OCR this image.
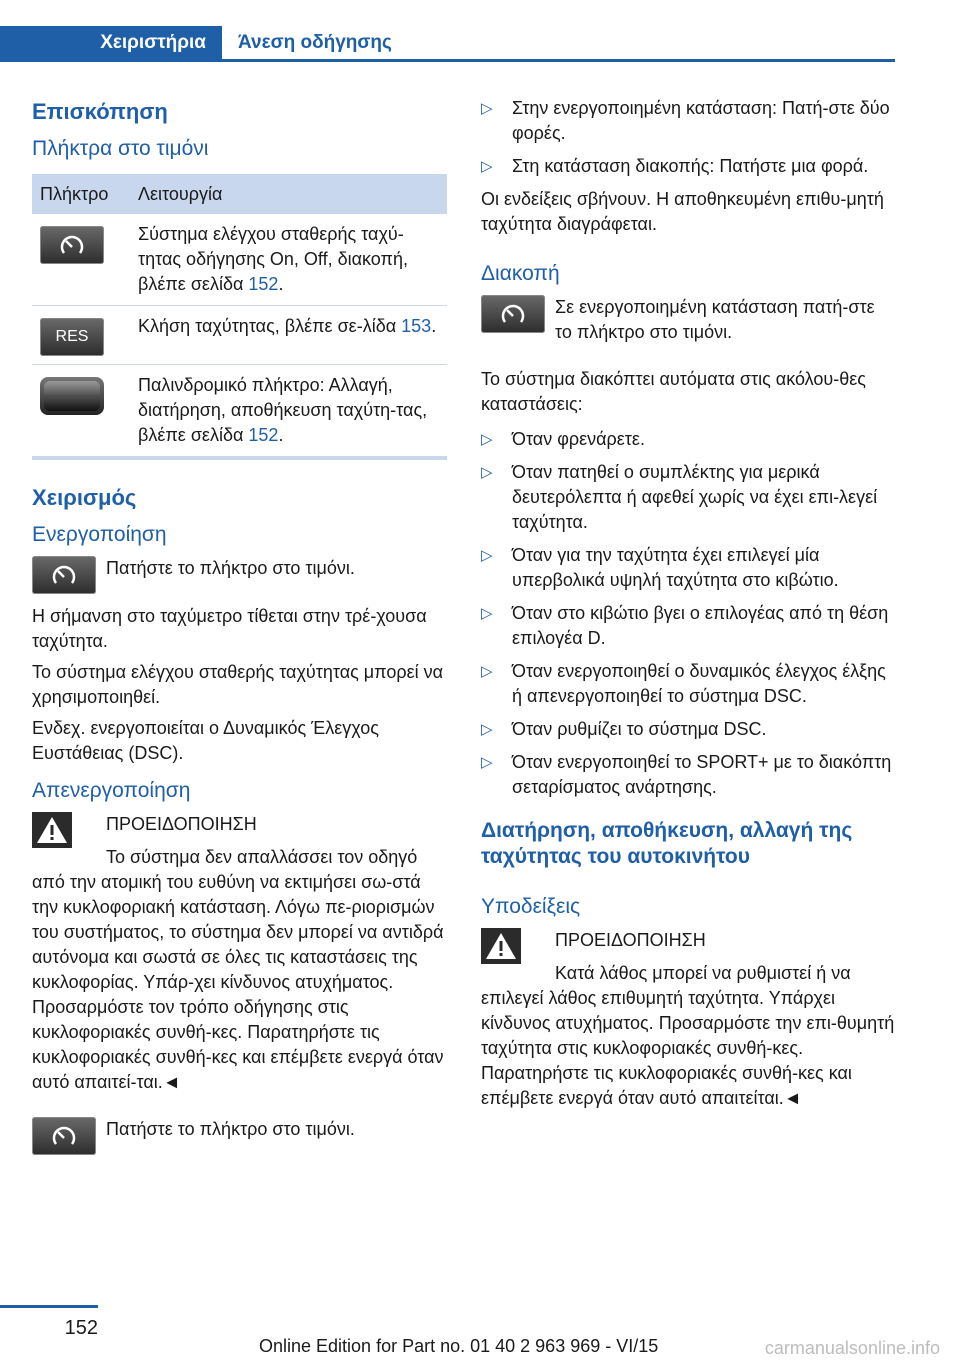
Χειριστήρια	Άνεση οδήγησης
Επισκόπηση
Πλήκτρα στο τιμόνι
Πλήκτρο	Λειτουργία

	Σύστημα ελέγχου σταθερής ταχύ-τητας οδήγησης On, Off, διακοπή, βλέπε σελίδα 152.

RES	Κλήση ταχύτητας, βλέπε σε-λίδα 153.

	Παλινδρομικό πλήκτρο: Αλλαγή, διατήρηση, αποθήκευση ταχύτη-τας, βλέπε σελίδα 152.
Χειρισμός
Ενεργοποίηση

Πατήστε το πλήκτρο στο τιμόνι.

Η σήμανση στο ταχύμετρο τίθεται στην τρέ-χουσα ταχύτητα.

Το σύστημα ελέγχου σταθερής ταχύτητας μπορεί να χρησιμοποιηθεί.

Ενδεχ. ενεργοποιείται ο Δυναμικός Έλεγχος Ευστάθειας (DSC).

Απενεργοποίηση

ΠΡΟΕΙΔΟΠΟΙΗΣΗ

Το σύστημα δεν απαλλάσσει τον οδηγό

από την ατομική του ευθύνη να εκτιμήσει σω-στά την κυκλοφοριακή κατάσταση. Λόγω πε-ριορισμών του συστήματος, το σύστημα δεν μπορεί να αντιδρά αυτόνομα και σωστά σε όλες τις καταστάσεις της κυκλοφορίας. Υπάρ-χει κίνδυνος ατυχήματος. Προσαρμόστε τον τρόπο οδήγησης στις κυκλοφοριακές συνθή-κες. Παρατηρήστε τις κυκλοφοριακές συνθή-κες και επέμβετε ενεργά όταν αυτό απαιτεί-ται.◄

Πατήστε το πλήκτρο στο τιμόνι.

▷ Στην ενεργοποιημένη κατάσταση: Πατή-στε δύο φορές.
▷ Στη κατάσταση διακοπής: Πατήστε μια φορά.

Οι ενδείξεις σβήνουν. Η αποθηκευμένη επιθυ-μητή ταχύτητα διαγράφεται.

Διακοπή

Σε ενεργοποιημένη κατάσταση πατή-στε το πλήκτρο στο τιμόνι.

Το σύστημα διακόπτει αυτόματα στις ακόλου-θες καταστάσεις:

▷ Όταν φρενάρετε.
▷ Όταν πατηθεί ο συμπλέκτης για μερικά δευτερόλεπτα ή αφεθεί χωρίς να έχει επι-λεγεί ταχύτητα.
▷ Όταν για την ταχύτητα έχει επιλεγεί μία υπερβολικά υψηλή ταχύτητα στο κιβώτιο.
▷ Όταν στο κιβώτιο βγει ο επιλογέας από τη θέση επιλογέα D.
▷ Όταν ενεργοποιηθεί ο δυναμικός έλεγχος έλξης ή απενεργοποιηθεί το σύστημα DSC.
▷ Όταν ρυθμίζει το σύστημα DSC.
▷ Όταν ενεργοποιηθεί το SPORT+ με το διακόπτη σεταρίσματος ανάρτησης.
Διατήρηση, αποθήκευση, αλλαγή της ταχύτητας του αυτοκινήτου
Υποδείξεις

ΠΡΟΕΙΔΟΠΟΙΗΣΗ

Κατά λάθος μπορεί να ρυθμιστεί ή να

επιλεγεί λάθος επιθυμητή ταχύτητα. Υπάρχει κίνδυνος ατυχήματος. Προσαρμόστε την επι-θυμητή ταχύτητα στις κυκλοφοριακές συνθή-κες. Παρατηρήστε τις κυκλοφοριακές συνθή-κες και επέμβετε ενεργά όταν αυτό απαιτείται.◄

152
Online Edition for Part no. 01 40 2 963 969 - VI/15	carmanualsonline.info
